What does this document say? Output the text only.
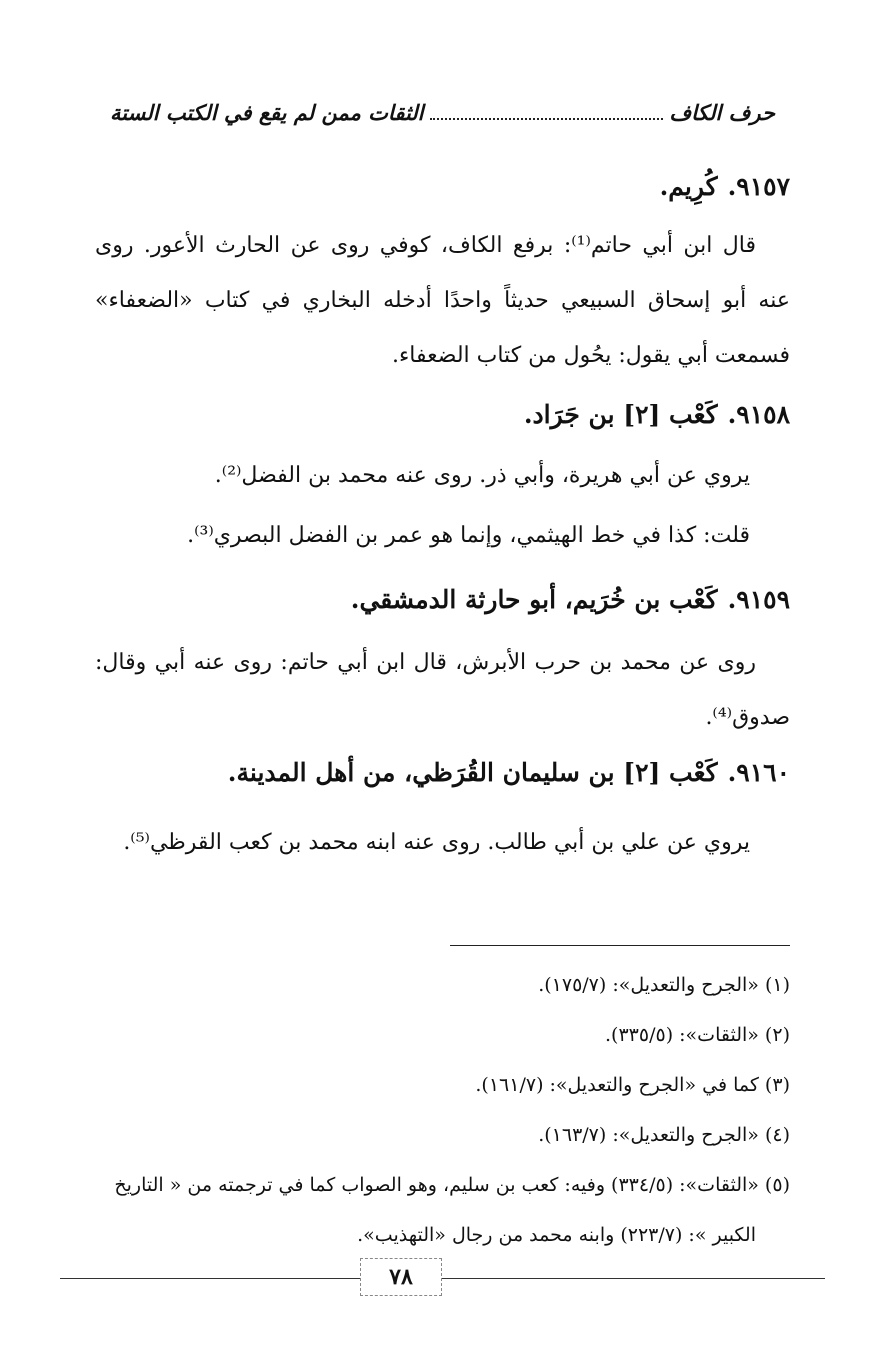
حرف الكاف
الثقات ممن لم يقع في الكتب الستة
٩١٥٧.كُرِيم.
قال ابن أبي حاتم⁽¹⁾: برفع الكاف، كوفي روى عن الحارث الأعور. روى عنه أبو إسحاق السبيعي حديثاً واحدًا أدخله البخاري في كتاب «الضعفاء» فسمعت أبي يقول: يحُول من كتاب الضعفاء.
٩١٥٨.كَعْب [٢] بن جَرَاد.
يروي عن أبي هريرة، وأبي ذر. روى عنه محمد بن الفضل⁽²⁾.
قلت: كذا في خط الهيثمي، وإنما هو عمر بن الفضل البصري⁽³⁾.
٩١٥٩.كَعْب بن خُرَيم، أبو حارثة الدمشقي.
روى عن محمد بن حرب الأبرش، قال ابن أبي حاتم: روى عنه أبي وقال: صدوق⁽⁴⁾.
٩١٦٠.كَعْب [٢] بن سليمان القُرَظي، من أهل المدينة.
يروي عن علي بن أبي طالب. روى عنه ابنه محمد بن كعب القرظي⁽⁵⁾.
(١) «الجرح والتعديل»: (١٧٥/٧).
(٢) «الثقات»: (٣٣٥/٥).
(٣) كما في «الجرح والتعديل»: (١٦١/٧).
(٤) «الجرح والتعديل»: (١٦٣/٧).
(٥) «الثقات»: (٣٣٤/٥) وفيه: كعب بن سليم، وهو الصواب كما في ترجمته من « التاريخ
الكبير »: (٢٢٣/٧) وابنه محمد من رجال «التهذيب».
٧٨
